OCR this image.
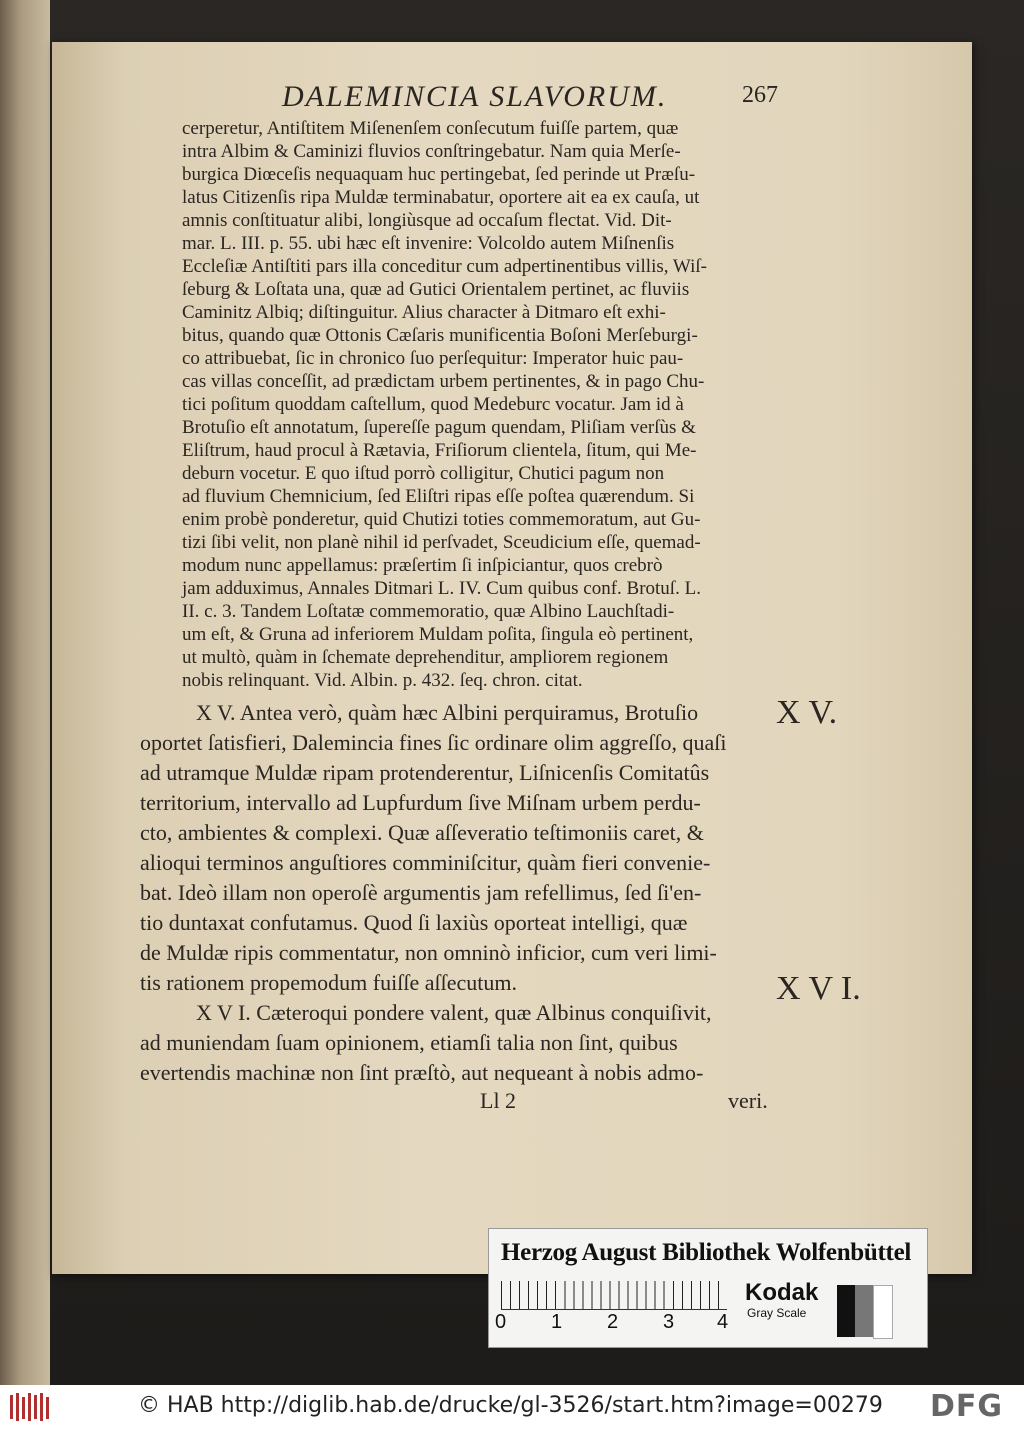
DALEMINCIA SLAVORUM.	267
cerperetur, Antiſtitem Miſenenſem conſecutum fuiſſe partem, quæ
intra Albim & Caminizi fluvios conſtringebatur. Nam quia Merſe-
burgica Diœceſis nequaquam huc pertingebat, ſed perinde ut Præſu-
latus Citizenſis ripa Muldæ terminabatur, oportere ait ea ex cauſa, ut
amnis conſtituatur alibi, longiùsque ad occaſum flectat. Vid. Dit-
mar. L. III. p. 55. ubi hæc eſt invenire: Volcoldo autem Miſnenſis
Eccleſiæ Antiſtiti pars illa conceditur cum adpertinentibus villis, Wiſ-
ſeburg & Loſtata una, quæ ad Gutici Orientalem pertinet, ac fluviis
Caminitz Albiq; diſtinguitur. Alius character à Ditmaro eſt exhi-
bitus, quando quæ Ottonis Cæſaris munificentia Boſoni Merſeburgi-
co attribuebat, ſic in chronico ſuo perſequitur: Imperator huic pau-
cas villas conceſſit, ad prædictam urbem pertinentes, & in pago Chu-
tici poſitum quoddam caſtellum, quod Medeburc vocatur. Jam id à
Brotuſio eſt annotatum, ſupereſſe pagum quendam, Pliſiam verſùs &
Eliſtrum, haud procul à Rætavia, Friſiorum clientela, ſitum, qui Me-
deburn vocetur. E quo iſtud porrò colligitur, Chutici pagum non
ad fluvium Chemnicium, ſed Eliſtri ripas eſſe poſtea quærendum. Si
enim probè ponderetur, quid Chutizi toties commemoratum, aut Gu-
tizi ſibi velit, non planè nihil id perſvadet, Sceudicium eſſe, quemad-
modum nunc appellamus: præſertim ſi inſpiciantur, quos crebrò
jam adduximus, Annales Ditmari L. IV. Cum quibus conf. Brotuſ. L.
II. c. 3. Tandem Loſtatæ commemoratio, quæ Albino Lauchſtadi-
um eſt, & Gruna ad inferiorem Muldam poſita, ſingula eò pertinent,
ut multò, quàm in ſchemate deprehenditur, ampliorem regionem
nobis relinquant. Vid. Albin. p. 432. ſeq. chron. citat.
X V. Antea verò, quàm hæc Albini perquiramus, Brotuſio
oportet ſatisfieri, Dalemincia fines ſic ordinare olim aggreſſo, quaſi
ad utramque Muldæ ripam protenderentur, Liſnicenſis Comitatûs
territorium, intervallo ad Lupfurdum ſive Miſnam urbem perdu-
cto, ambientes & complexi. Quæ aſſeveratio teſtimoniis caret, &
alioqui terminos anguſtiores comminiſcitur, quàm fieri convenie-
bat. Ideò illam non operoſè argumentis jam refellimus, ſed ſi'en-
tio duntaxat confutamus. Quod ſi laxiùs oporteat intelligi, quæ
de Muldæ ripis commentatur, non omninò inficior, cum veri limi-
tis rationem propemodum fuiſſe aſſecutum.
X V I. Cæteroqui pondere valent, quæ Albinus conquiſivit,
ad muniendam ſuam opinionem, etiamſi talia non ſint, quibus
evertendis machinæ non ſint præſtò, aut nequeant à nobis admo-
X V.
X V I.
Ll 2	veri.
Herzog August Bibliothek Wolfenbüttel
0 1 2 3 4
Kodak
Gray Scale
© HAB http://diglib.hab.de/drucke/gl-3526/start.htm?image=00279 DFG
